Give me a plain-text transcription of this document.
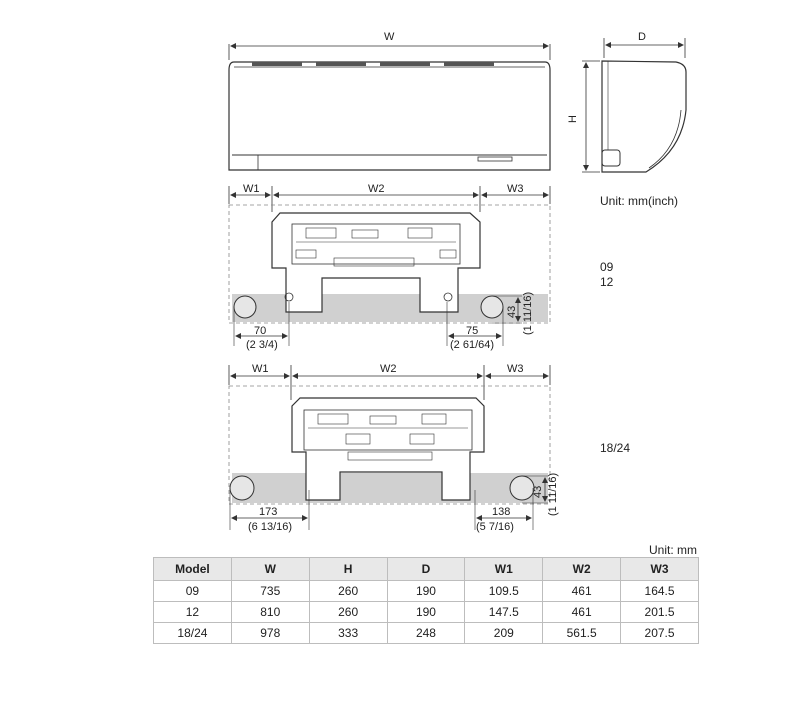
W	D
H
W1	W2	W3
70
(2 3/4)
75
(2 61/64)
43 (1 11/16)
W1	W2	W3
173
(6 13/16)
138
(5 7/16)
43 (1 11/16)
Unit: mm(inch)
09
12
18/24
Unit: mm
Model	W	H	D	W1	W2	W3
09	735	260	190	109.5	461	164.5
12	810	260	190	147.5	461	201.5
18/24	978	333	248	209	561.5	207.5
